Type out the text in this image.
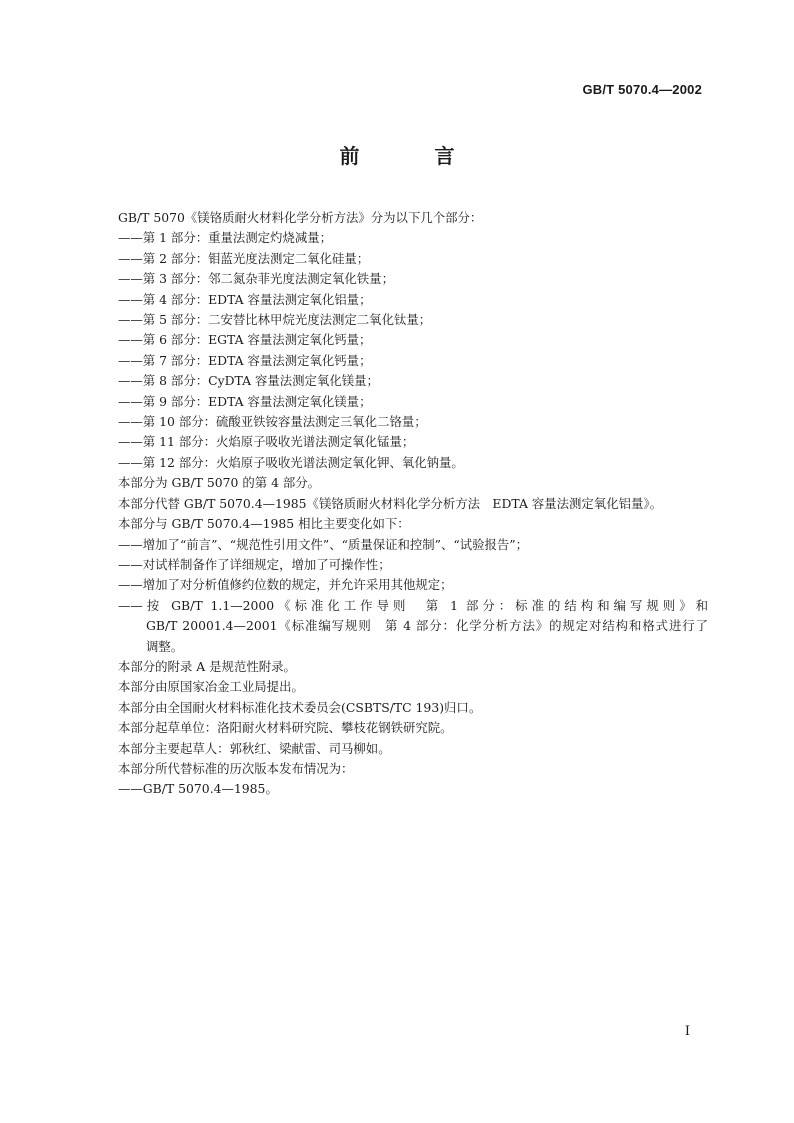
GB/T 5070.4—2002
前 言
GB/T 5070《镁铬质耐火材料化学分析方法》分为以下几个部分：
——第 1 部分：重量法测定灼烧减量；
——第 2 部分：钼蓝光度法测定二氧化硅量；
——第 3 部分：邻二氮杂菲光度法测定氧化铁量；
——第 4 部分：EDTA 容量法测定氧化铝量；
——第 5 部分：二安替比林甲烷光度法测定二氧化钛量；
——第 6 部分：EGTA 容量法测定氧化钙量；
——第 7 部分：EDTA 容量法测定氧化钙量；
——第 8 部分：CyDTA 容量法测定氧化镁量；
——第 9 部分：EDTA 容量法测定氧化镁量；
——第 10 部分：硫酸亚铁铵容量法测定三氧化二铬量；
——第 11 部分：火焰原子吸收光谱法测定氧化锰量；
——第 12 部分：火焰原子吸收光谱法测定氧化钾、氧化钠量。
本部分为 GB/T 5070 的第 4 部分。
本部分代替 GB/T 5070.4—1985《镁铬质耐火材料化学分析方法　EDTA 容量法测定氧化铝量》。
本部分与 GB/T 5070.4—1985 相比主要变化如下：
——增加了“前言”、“规范性引用文件”、“质量保证和控制”、“试验报告”；
——对试样制备作了详细规定，增加了可操作性；
——增加了对分析值修约位数的规定，并允许采用其他规定；
——按 GB/T 1.1—2000《标准化工作导则　第 1 部分：标准的结构和编写规则》和
GB/T 20001.4—2001《标准编写规则　第 4 部分：化学分析方法》的规定对结构和格式进行了
调整。
本部分的附录 A 是规范性附录。
本部分由原国家冶金工业局提出。
本部分由全国耐火材料标准化技术委员会(CSBTS/TC 193)归口。
本部分起草单位：洛阳耐火材料研究院、攀枝花钢铁研究院。
本部分主要起草人：郭秋红、梁献雷、司马柳如。
本部分所代替标准的历次版本发布情况为：
——GB/T 5070.4—1985。
I
